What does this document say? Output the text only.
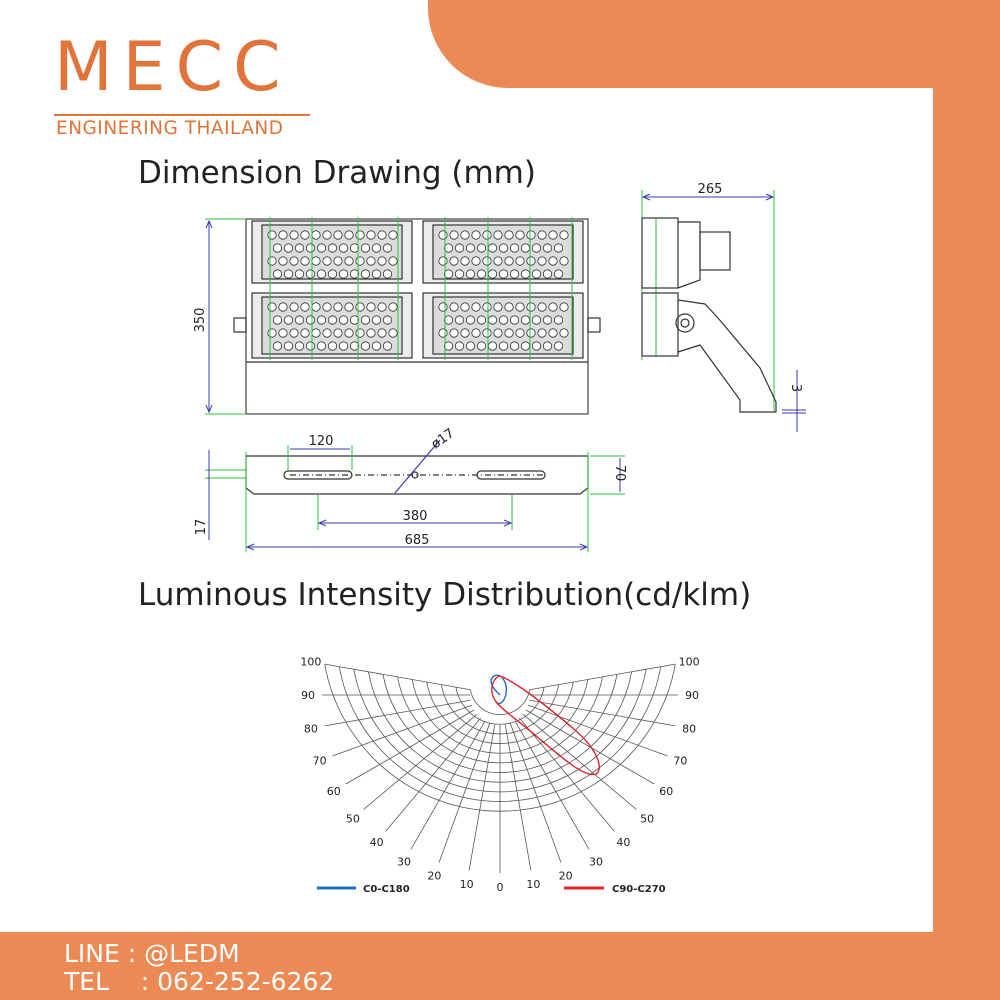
MECC
ENGINERING THAILAND
Dimension Drawing (mm)
Luminous Intensity Distribution(cd/klm)
350
265
3
120	ø17
70
17
380
685
100
90
80
70
60
50
40
30
20
10 0
100
90
80
70
60
50
40
30
20
10
C0-C180	C90-C270
LINE : @LEDM
TEL    : 062-252-6262
